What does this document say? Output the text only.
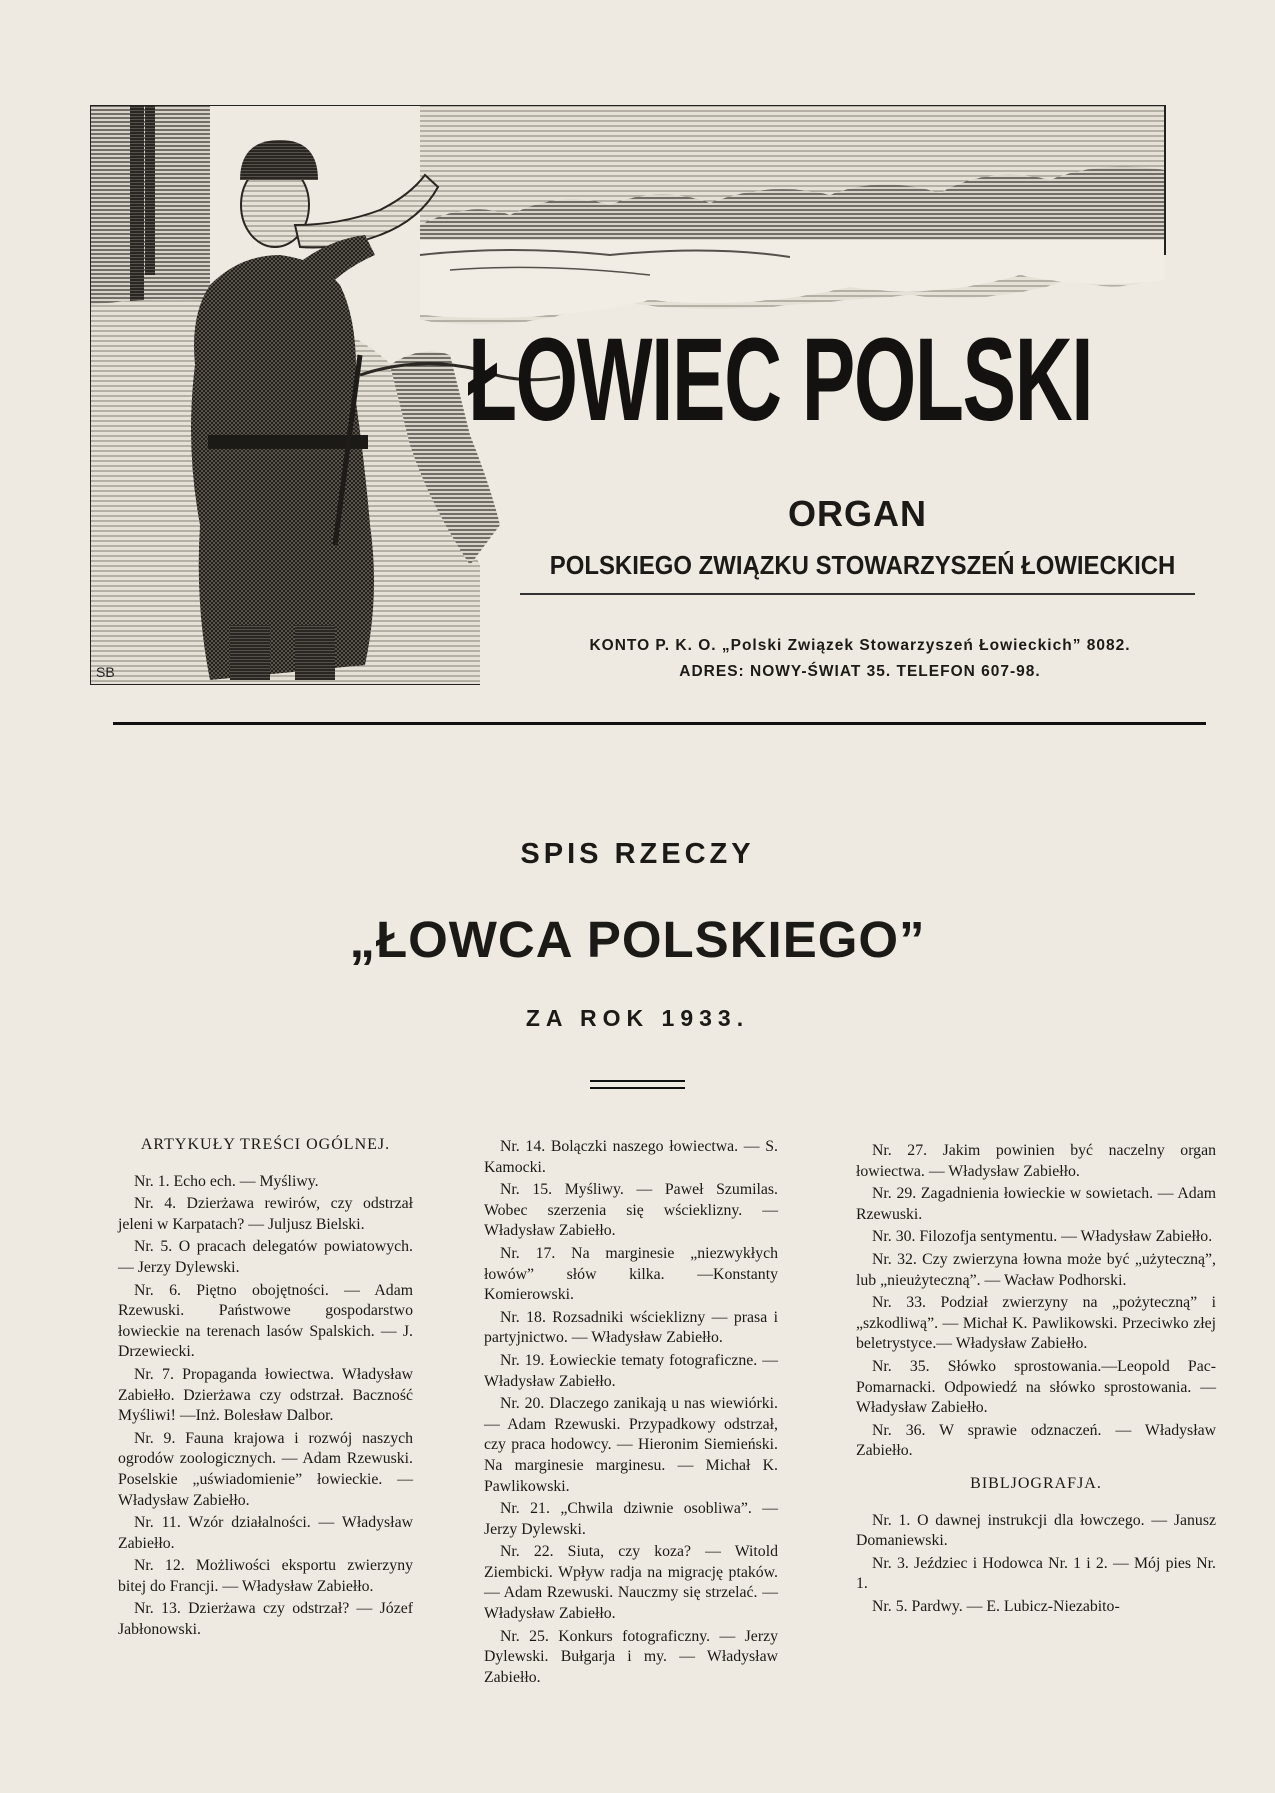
SB
ŁOWIEC POLSKI
ORGAN
POLSKIEGO ZWIĄZKU STOWARZYSZEŃ ŁOWIECKICH
KONTO P. K. O. „Polski Związek Stowarzyszeń Łowieckich” 8082.
ADRES: NOWY-ŚWIAT 35. TELEFON 607-98.
SPIS RZECZY
„ŁOWCA POLSKIEGO”
ZA ROK 1933.
ARTYKUŁY TREŚCI OGÓLNEJ.

Nr. 1. Echo ech. — Myśliwy.

Nr. 4. Dzierżawa rewirów, czy odstrzał jeleni w Karpatach? — Juljusz Bielski.

Nr. 5. O pracach delegatów powiatowych. — Jerzy Dylewski.

Nr. 6. Piętno obojętności. — Adam Rzewuski. Państwowe gospodarstwo łowieckie na terenach lasów Spalskich. — J. Drzewiecki.

Nr. 7. Propaganda łowiectwa. Władysław Zabiełło. Dzierżawa czy odstrzał. Baczność Myśliwi! —Inż. Bolesław Dalbor.

Nr. 9. Fauna krajowa i rozwój naszych ogrodów zoologicznych. — Adam Rzewuski. Poselskie „uświadomienie” łowieckie. — Władysław Zabiełło.

Nr. 11. Wzór działalności. — Władysław Zabiełło.

Nr. 12. Możliwości eksportu zwierzyny bitej do Francji. — Władysław Zabiełło.

Nr. 13. Dzierżawa czy odstrzał? — Józef Jabłonowski.

Nr. 14. Bolączki naszego łowiectwa. — S. Kamocki.

Nr. 15. Myśliwy. — Paweł Szumilas. Wobec szerzenia się wścieklizny. — Władysław Zabiełło.

Nr. 17. Na marginesie „niezwykłych łowów” słów kilka. —Konstanty Komierowski.

Nr. 18. Rozsadniki wścieklizny — prasa i partyjnictwo. — Władysław Zabiełło.

Nr. 19. Łowieckie tematy fotograficzne. — Władysław Zabiełło.

Nr. 20. Dlaczego zanikają u nas wiewiórki. — Adam Rzewuski. Przypadkowy odstrzał, czy praca hodowcy. — Hieronim Siemieński. Na marginesie marginesu. — Michał K. Pawlikowski.

Nr. 21. „Chwila dziwnie osobliwa”. — Jerzy Dylewski.

Nr. 22. Siuta, czy koza? — Witold Ziembicki. Wpływ radja na migrację ptaków. — Adam Rzewuski. Nauczmy się strzelać. — Władysław Zabiełło.

Nr. 25. Konkurs fotograficzny. — Jerzy Dylewski. Bułgarja i my. — Władysław Zabiełło.

Nr. 27. Jakim powinien być naczelny organ łowiectwa. — Władysław Zabiełło.

Nr. 29. Zagadnienia łowieckie w sowietach. — Adam Rzewuski.

Nr. 30. Filozofja sentymentu. — Władysław Zabiełło.

Nr. 32. Czy zwierzyna łowna może być „użyteczną”, lub „nieużyteczną”. — Wacław Podhorski.

Nr. 33. Podział zwierzyny na „pożyteczną” i „szkodliwą”. — Michał K. Pawlikowski. Przeciwko złej beletrystyce.— Władysław Zabiełło.

Nr. 35. Słówko sprostowania.—Leopold Pac-Pomarnacki. Odpowiedź na słówko sprostowania. — Władysław Zabiełło.

Nr. 36. W sprawie odznaczeń. — Władysław Zabiełło.

BIBLJOGRAFJA.

Nr. 1. O dawnej instrukcji dla łowczego. — Janusz Domaniewski.

Nr. 3. Jeździec i Hodowca Nr. 1 i 2. — Mój pies Nr. 1.

Nr. 5. Pardwy. — E. Lubicz-Niezabito-
